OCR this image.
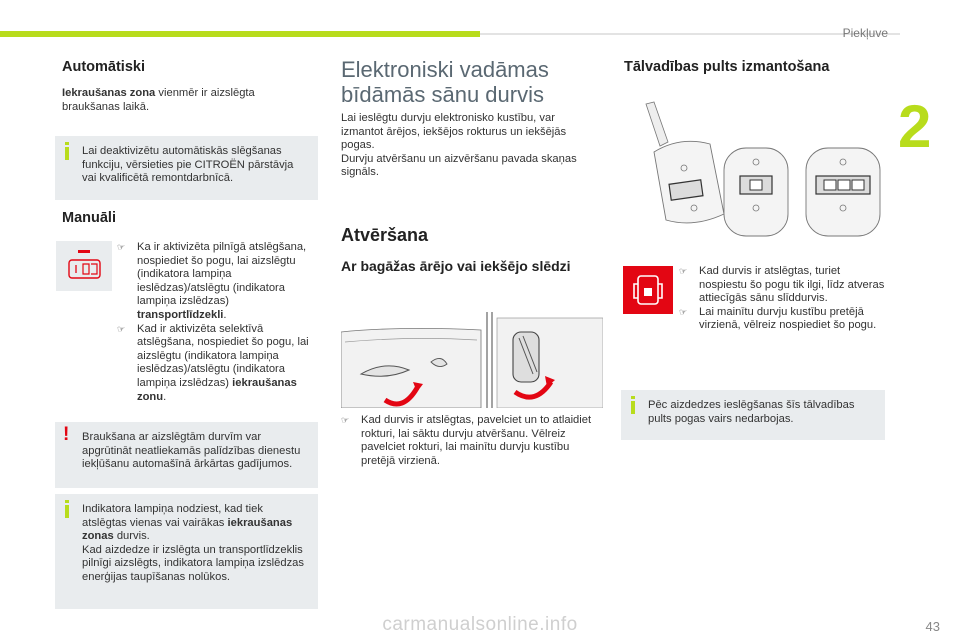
Piekļuve
2
Automātiski

Iekraušanas zona vienmēr ir aizslēgta braukšanas laikā.

Lai deaktivizētu automātiskās slēgšanas funkciju, vērsieties pie CITROËN pārstāvja vai kvalificētā remontdarbnīcā.
Manuāli
☞ Ka ir aktivizēta pilnīgā atslēgšana, nospiediet šo pogu, lai aizslēgtu (indikatora lampiņa ieslēdzas)/atslēgtu (indikatora lampiņa izslēdzas) transportlīdzekli.
☞ Kad ir aktivizēta selektīvā atslēgšana, nospiediet šo pogu, lai aizslēgtu (indikatora lampiņa ieslēdzas)/atslēgtu (indikatora lampiņa izslēdzas) iekraušanas zonu.
! Braukšana ar aizslēgtām durvīm var apgrūtināt neatliekamās palīdzības dienestu iekļūšanu automašīnā ārkārtas gadījumos.
Indikatora lampiņa nodziest, kad tiek atslēgtas vienas vai vairākas iekraušanas zonas durvis.
Kad aizdedze ir izslēgta un transportlīdzeklis pilnīgi aizslēgts, indikatora lampiņa izslēdzas enerģijas taupīšanas nolūkos.
Elektroniski vadāmas
bīdāmās sānu durvis

Lai ieslēgtu durvju elektronisko kustību, var izmantot ārējos, iekšējos rokturus un iekšējās pogas.
Durvju atvēršanu un aizvēršanu pavada skaņas signāls.

Atvēršana
Ar bagāžas ārējo vai iekšējo slēdzi
☞ Kad durvis ir atslēgtas, pavelciet un to atlaidiet rokturi, lai sāktu durvju atvēršanu. Vēlreiz pavelciet rokturi, lai mainītu durvju kustību pretējā virzienā.
Tālvadības pults izmantošana
☞ Kad durvis ir atslēgtas, turiet nospiestu šo pogu tik ilgi, līdz atveras attiecīgās sānu slīddurvis.
☞ Lai mainītu durvju kustību pretējā virzienā, vēlreiz nospiediet šo pogu.
Pēc aizdedzes ieslēgšanas šīs tālvadības pults pogas vairs nedarbojas.
carmanualsonline.info	43
